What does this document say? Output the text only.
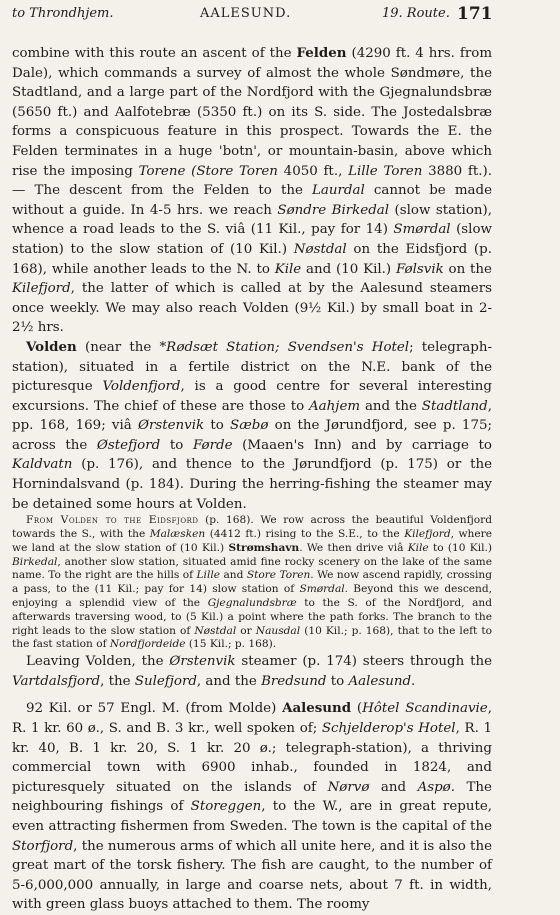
to Throndhjem.	AALESUND.	19. Route. 171

combine with this route an ascent of the Felden (4290 ft. 4 hrs. from Dale), which commands a survey of almost the whole Søndmøre, the Stadtland, and a large part of the Nordfjord with the Gjegnalundsbræ (5650 ft.) and Aalfotebræ (5350 ft.) on its S. side. The Jostedalsbræ forms a conspicuous feature in this prospect. Towards the E. the Felden terminates in a huge 'botn', or mountain-basin, above which rise the imposing Torene (Store Toren 4050 ft., Lille Toren 3880 ft.). — The descent from the Felden to the Laurdal cannot be made without a guide. In 4-5 hrs. we reach Søndre Birkedal (slow station), whence a road leads to the S. viâ (11 Kil., pay for 14) Smørdal (slow station) to the slow station of (10 Kil.) Nøstdal on the Eidsfjord (p. 168), while another leads to the N. to Kile and (10 Kil.) Følsvik on the Kilefjord, the latter of which is called at by the Aalesund steamers once weekly. We may also reach Volden (9½ Kil.) by small boat in 2-2½ hrs.

Volden (near the *Rødsæt Station; Svendsen's Hotel; telegraph-station), situated in a fertile district on the N.E. bank of the picturesque Voldenfjord, is a good centre for several interesting excursions. The chief of these are those to Aahjem and the Stadtland, pp. 168, 169; viâ Ørstenvik to Sæbø on the Jørundfjord, see p. 175; across the Østefjord to Førde (Maaen's Inn) and by carriage to Kaldvatn (p. 176), and thence to the Jørundfjord (p. 175) or the Hornindalsvand (p. 184). During the herring-fishing the steamer may be detained some hours at Volden.

From Volden to the Eidsfjord (p. 168). We row across the beautiful Voldenfjord towards the S., with the Malæsken (4412 ft.) rising to the S.E., to the Kilefjord, where we land at the slow station of (10 Kil.) Strømshavn. We then drive viâ Kile to (10 Kil.) Birkedal, another slow station, situated amid fine rocky scenery on the lake of the same name. To the right are the hills of Lille and Store Toren. We now ascend rapidly, crossing a pass, to the (11 Kil.; pay for 14) slow station of Smørdal. Beyond this we descend, enjoying a splendid view of the Gjegnalundsbræ to the S. of the Nordfjord, and afterwards traversing wood, to (5 Kil.) a point where the path forks. The branch to the right leads to the slow station of Nøstdal or Nausdal (10 Kil.; p. 168), that to the left to the fast station of Nordfjordeide (15 Kil.; p. 168).

Leaving Volden, the Ørstenvik steamer (p. 174) steers through the Vartdalsfjord, the Sulefjord, and the Bredsund to Aalesund.

92 Kil. or 57 Engl. M. (from Molde) Aalesund (Hôtel Scandinavie, R. 1 kr. 60 ø., S. and B. 3 kr., well spoken of; Schjelderop's Hotel, R. 1 kr. 40, B. 1 kr. 20, S. 1 kr. 20 ø.; telegraph-station), a thriving commercial town with 6900 inhab., founded in 1824, and picturesquely situated on the islands of Nørvø and Aspø. The neighbouring fishings of Storeggen, to the W., are in great repute, even attracting fishermen from Sweden. The town is the capital of the Storfjord, the numerous arms of which all unite here, and it is also the great mart of the torsk fishery. The fish are caught, to the number of 5-6,000,000 annually, in large and coarse nets, about 7 ft. in width, with green glass buoys attached to them. The roomy
